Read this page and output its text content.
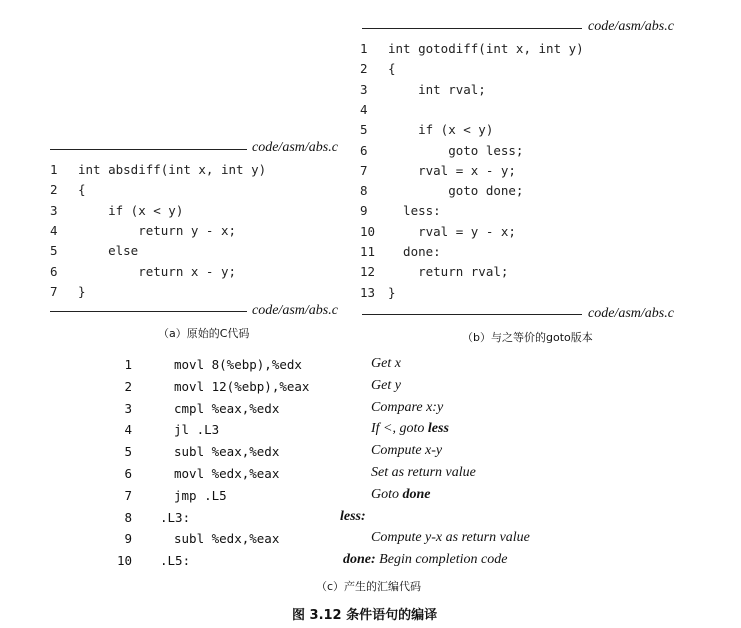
code/asm/abs.c
1 int absdiff(int x, int y)
2 {
3    if (x < y)
4        return y - x;
5    else
6        return x - y;
7 }
code/asm/abs.c
（a）原始的C代码
code/asm/abs.c
1 int gotodiff(int x, int y)
2 {
3    int rval;
4
5    if (x < y)
6        goto less;
7    rval = x - y;
8        goto done;
9  less:
10    rval = y - x;
11  done:
12    return rval;
13 }
code/asm/abs.c
（b）与之等价的goto版本
1	movl 8(%ebp),%edx	Get x
2	movl 12(%ebp),%eax	Get y
3	cmpl %eax,%edx	Compare x:y
4	jl .L3	If <, goto less
5	subl %eax,%edx	Compute x-y
6	movl %edx,%eax	Set as return value
7	jmp .L5	Goto done
8 .L3:	less:
9	subl %edx,%eax	Compute y-x as return value
10 .L5:	done: Begin completion code
（c）产生的汇编代码
图 3.12 条件语句的编译
